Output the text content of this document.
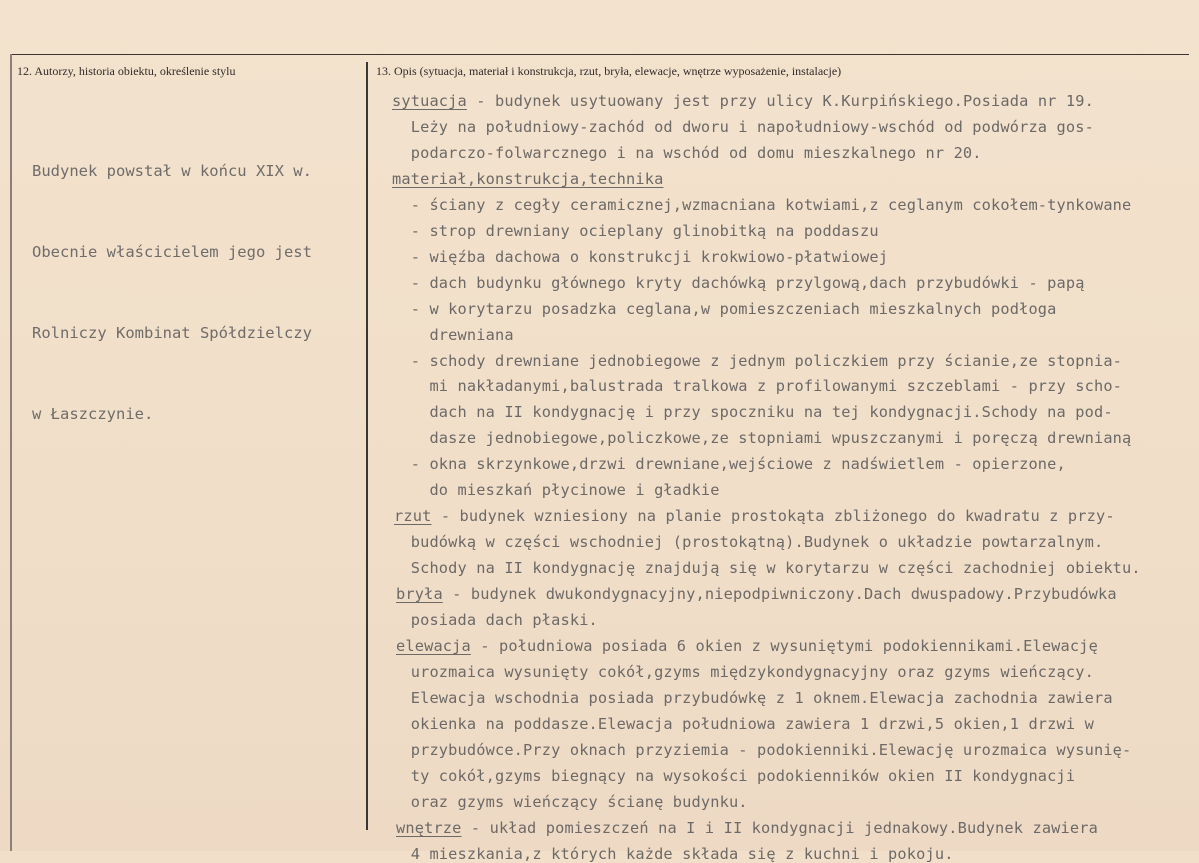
12. Autorzy, historia obiektu, określenie stylu	13. Opis (sytuacja, materiał i konstrukcja, rzut, bryła, elewacje, wnętrze wyposażenie, instalacje)

Budynek powstał w końcu XIX w.

Obecnie właścicielem jego jest

Rolniczy Kombinat Spółdzielczy

w Łaszczynie.

sytuacja - budynek usytuowany jest przy ulicy K.Kurpińskiego.Posiada nr 19.
Leży na południowy-zachód od dworu i napołudniowy-wschód od podwórza gos-
podarczo-folwarcznego i na wschód od domu mieszkalnego nr 20.
materiał,konstrukcja,technika
- ściany z cegły ceramicznej,wzmacniana kotwiami,z ceglanym cokołem-tynkowane
- strop drewniany ocieplany glinobitką na poddaszu
- więźba dachowa o konstrukcji krokwiowo-płatwiowej
- dach budynku głównego kryty dachówką przylgową,dach przybudówki - papą
- w korytarzu posadzka ceglana,w pomieszczeniach mieszkalnych podłoga
drewniana
- schody drewniane jednobiegowe z jednym policzkiem przy ścianie,ze stopnia-
mi nakładanymi,balustrada tralkowa z profilowanymi szczeblami - przy scho-
dach na II kondygnację i przy spoczniku na tej kondygnacji.Schody na pod-
dasze jednobiegowe,policzkowe,ze stopniami wpuszczanymi i poręczą drewnianą
- okna skrzynkowe,drzwi drewniane,wejściowe z nadświetlem - opierzone,
do mieszkań płycinowe i gładkie
rzut - budynek wzniesiony na planie prostokąta zbliżonego do kwadratu z przy-
budówką w części wschodniej (prostokątną).Budynek o układzie powtarzalnym.
Schody na II kondygnację znajdują się w korytarzu w części zachodniej obiektu.
bryła - budynek dwukondygnacyjny,niepodpiwniczony.Dach dwuspadowy.Przybudówka
posiada dach płaski.
elewacja - południowa posiada 6 okien z wysuniętymi podokiennikami.Elewację
urozmaica wysunięty cokół,gzyms międzykondygnacyjny oraz gzyms wieńczący.
Elewacja wschodnia posiada przybudówkę z 1 oknem.Elewacja zachodnia zawiera
okienka na poddasze.Elewacja południowa zawiera 1 drzwi,5 okien,1 drzwi w
przybudówce.Przy oknach przyziemia - podokienniki.Elewację urozmaica wysunię-
ty cokół,gzyms biegnący na wysokości podokienników okien II kondygnacji
oraz gzyms wieńczący ścianę budynku.
wnętrze - układ pomieszczeń na I i II kondygnacji jednakowy.Budynek zawiera
4 mieszkania,z których każde składa się z kuchni i pokoju.
